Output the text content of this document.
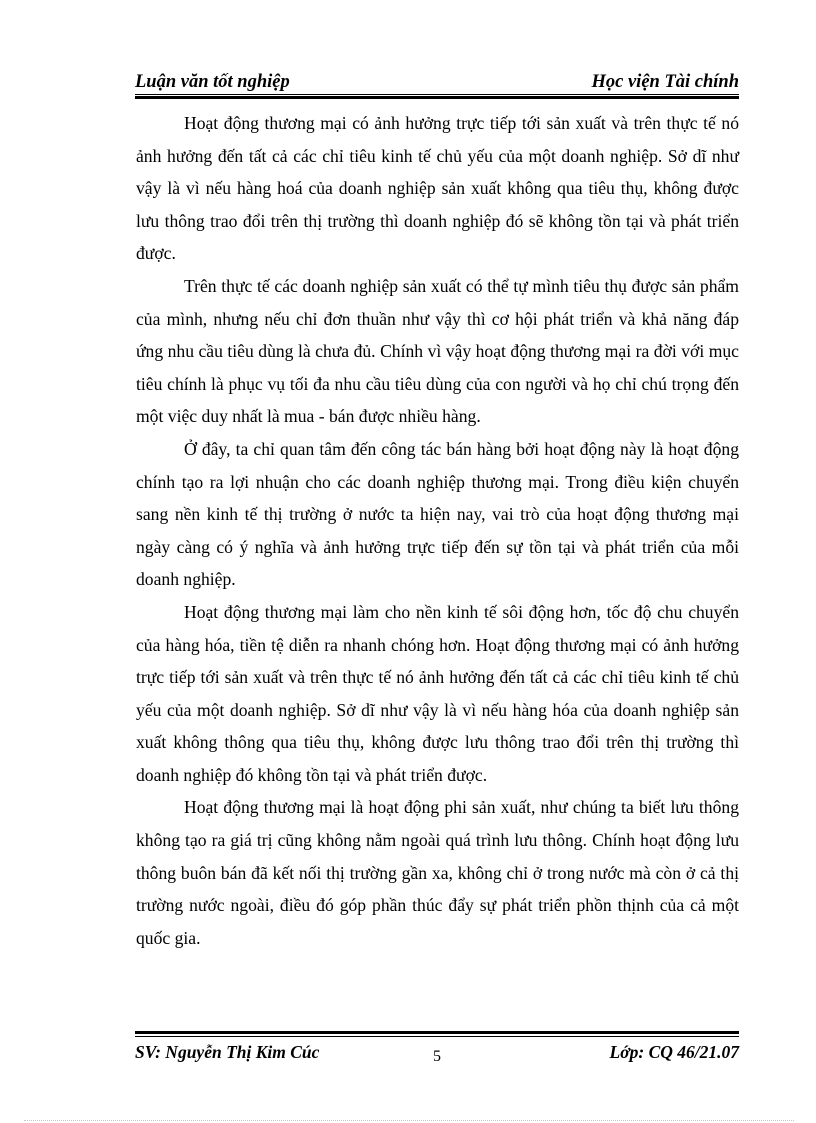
Luận văn tốt nghiệp	Học viện Tài chính

Hoạt động thương mại có ảnh hưởng trực tiếp tới sản xuất và trên thực tế nó ảnh hưởng đến tất cả các chỉ tiêu kinh tế chủ yếu của một doanh nghiệp. Sở dĩ như vậy là vì nếu hàng hoá của doanh nghiệp sản xuất không qua tiêu thụ, không được lưu thông trao đổi trên thị trường thì doanh nghiệp đó sẽ không tồn tại và phát triển được.

Trên thực tế các doanh nghiệp sản xuất có thể tự mình tiêu thụ được sản phẩm của mình, nhưng nếu chỉ đơn thuần như vậy thì cơ hội phát triển và khả năng đáp ứng nhu cầu tiêu dùng là chưa đủ. Chính vì vậy hoạt động thương mại ra đời với mục tiêu chính là phục vụ tối đa nhu cầu tiêu dùng của con người và họ chỉ chú trọng đến một việc duy nhất là mua - bán được nhiều hàng.

Ở đây, ta chỉ quan tâm đến công tác bán hàng bởi hoạt động này là hoạt động chính tạo ra lợi nhuận cho các doanh nghiệp thương mại. Trong điều kiện chuyển sang nền kinh tế thị trường ở nước ta hiện nay, vai trò của hoạt động thương mại ngày càng có ý nghĩa và ảnh hưởng trực tiếp đến sự tồn tại và phát triển của mỗi doanh nghiệp.

Hoạt động thương mại làm cho nền kinh tế sôi động hơn, tốc độ chu chuyển của hàng hóa, tiền tệ diễn ra nhanh chóng hơn. Hoạt động thương mại có ảnh hưởng trực tiếp tới sản xuất và trên thực tế nó ảnh hưởng đến tất cả các chỉ tiêu kinh tế chủ yếu của một doanh nghiệp. Sở dĩ như vậy là vì nếu hàng hóa của doanh nghiệp sản xuất không thông qua tiêu thụ, không được lưu thông trao đổi trên thị trường thì doanh nghiệp đó không tồn tại và phát triển được.

Hoạt động thương mại là hoạt động phi sản xuất, như chúng ta biết lưu thông không tạo ra giá trị cũng không nằm ngoài quá trình lưu thông. Chính hoạt động lưu thông buôn bán đã kết nối thị trường gần xa, không chỉ ở trong nước mà còn ở cả thị trường nước ngoài, điều đó góp phần thúc đẩy sự phát triển phồn thịnh của cả một quốc gia.

SV: Nguyễn Thị Kim Cúc	5	Lớp: CQ 46/21.07
